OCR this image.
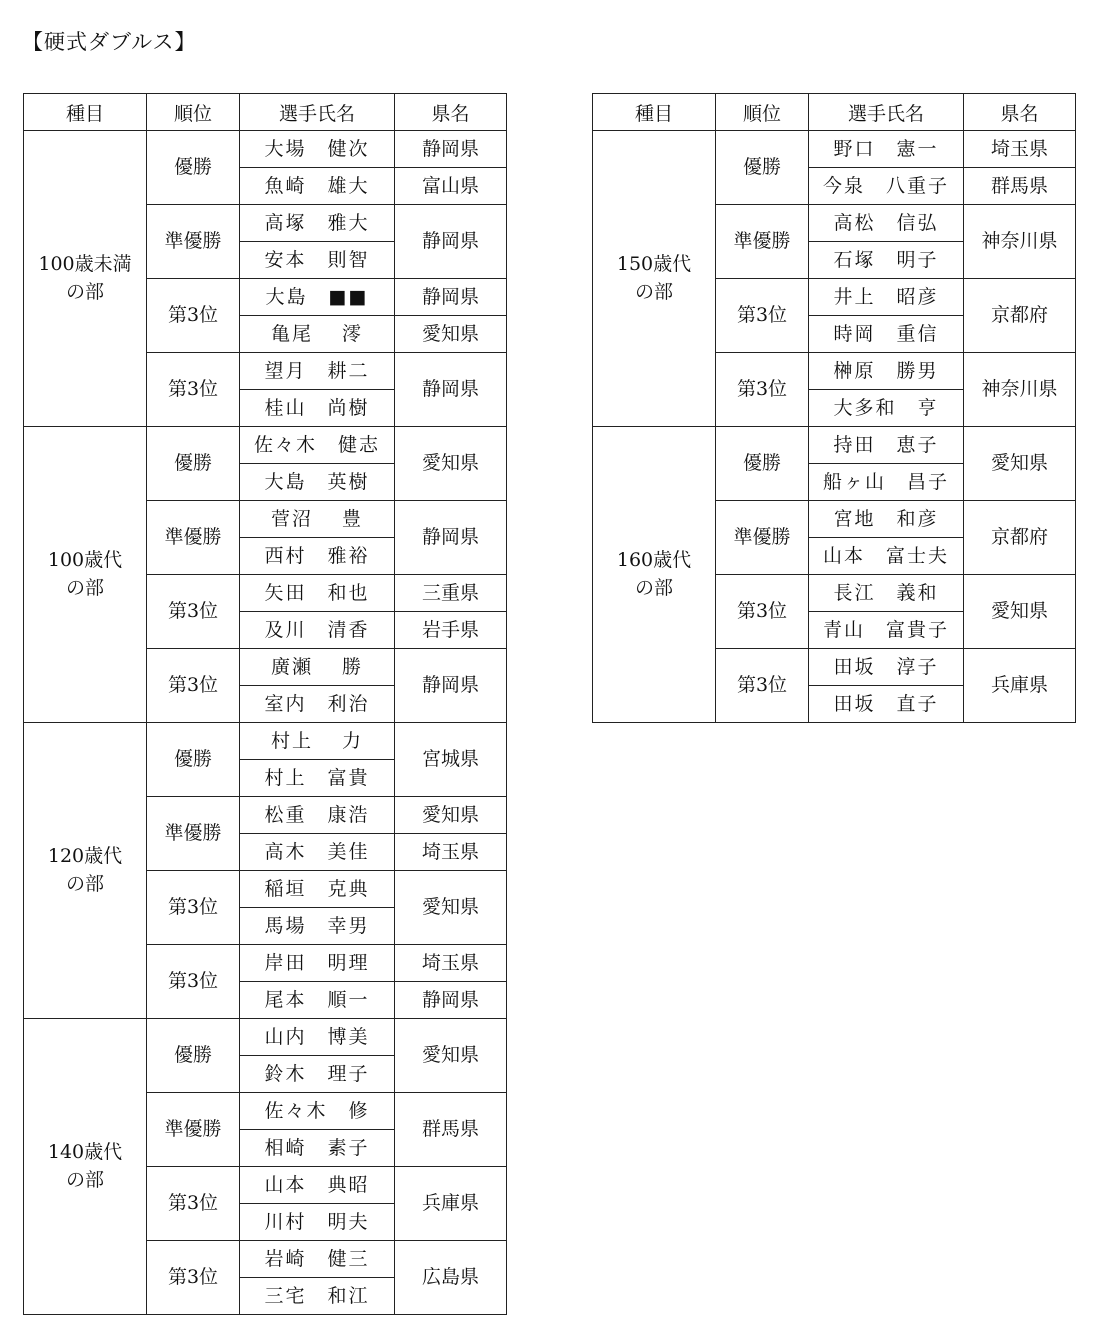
【硬式ダブルス】
種目	順位	選手氏名	県名

100歳未満
の部	優勝	大場　健次	静岡県
		魚崎　雄大	富山県
	準優勝	高塚　雅大	静岡県
		安本　則智	
	第3位	大島　■■	静岡県
		亀尾　 澪	愛知県
	第3位	望月　耕二	静岡県
		桂山　尚樹	

100歳代
の部	優勝	佐々木　健志	愛知県
		大島　英樹	
	準優勝	菅沼　 豊	静岡県
		西村　雅裕	
	第3位	矢田　和也	三重県
		及川　清香	岩手県
	第3位	廣瀬　 勝	静岡県
		室内　利治	

120歳代
の部	優勝	村上　 力	宮城県
		村上　富貴	
	準優勝	松重　康浩	愛知県
		高木　美佳	埼玉県
	第3位	稲垣　克典	愛知県
		馬場　幸男	
	第3位	岸田　明理	埼玉県
		尾本　順一	静岡県

140歳代
の部	優勝	山内　博美	愛知県
		鈴木　理子	
	準優勝	佐々木　修	群馬県
		相崎　素子	
	第3位	山本　典昭	兵庫県
		川村　明夫	
	第3位	岩崎　健三	広島県
		三宅　和江	
種目	順位	選手氏名	県名

150歳代
の部	優勝	野口　憲一	埼玉県
		今泉　八重子	群馬県
	準優勝	高松　信弘	神奈川県
		石塚　明子	
	第3位	井上　昭彦	京都府
		時岡　重信	
	第3位	榊原　勝男	神奈川県
		大多和　亨	

160歳代
の部	優勝	持田　恵子	愛知県
		船ヶ山　昌子	
	準優勝	宮地　和彦	京都府
		山本　富士夫	
	第3位	長江　義和	愛知県
		青山　富貴子	
	第3位	田坂　淳子	兵庫県
		田坂　直子	
